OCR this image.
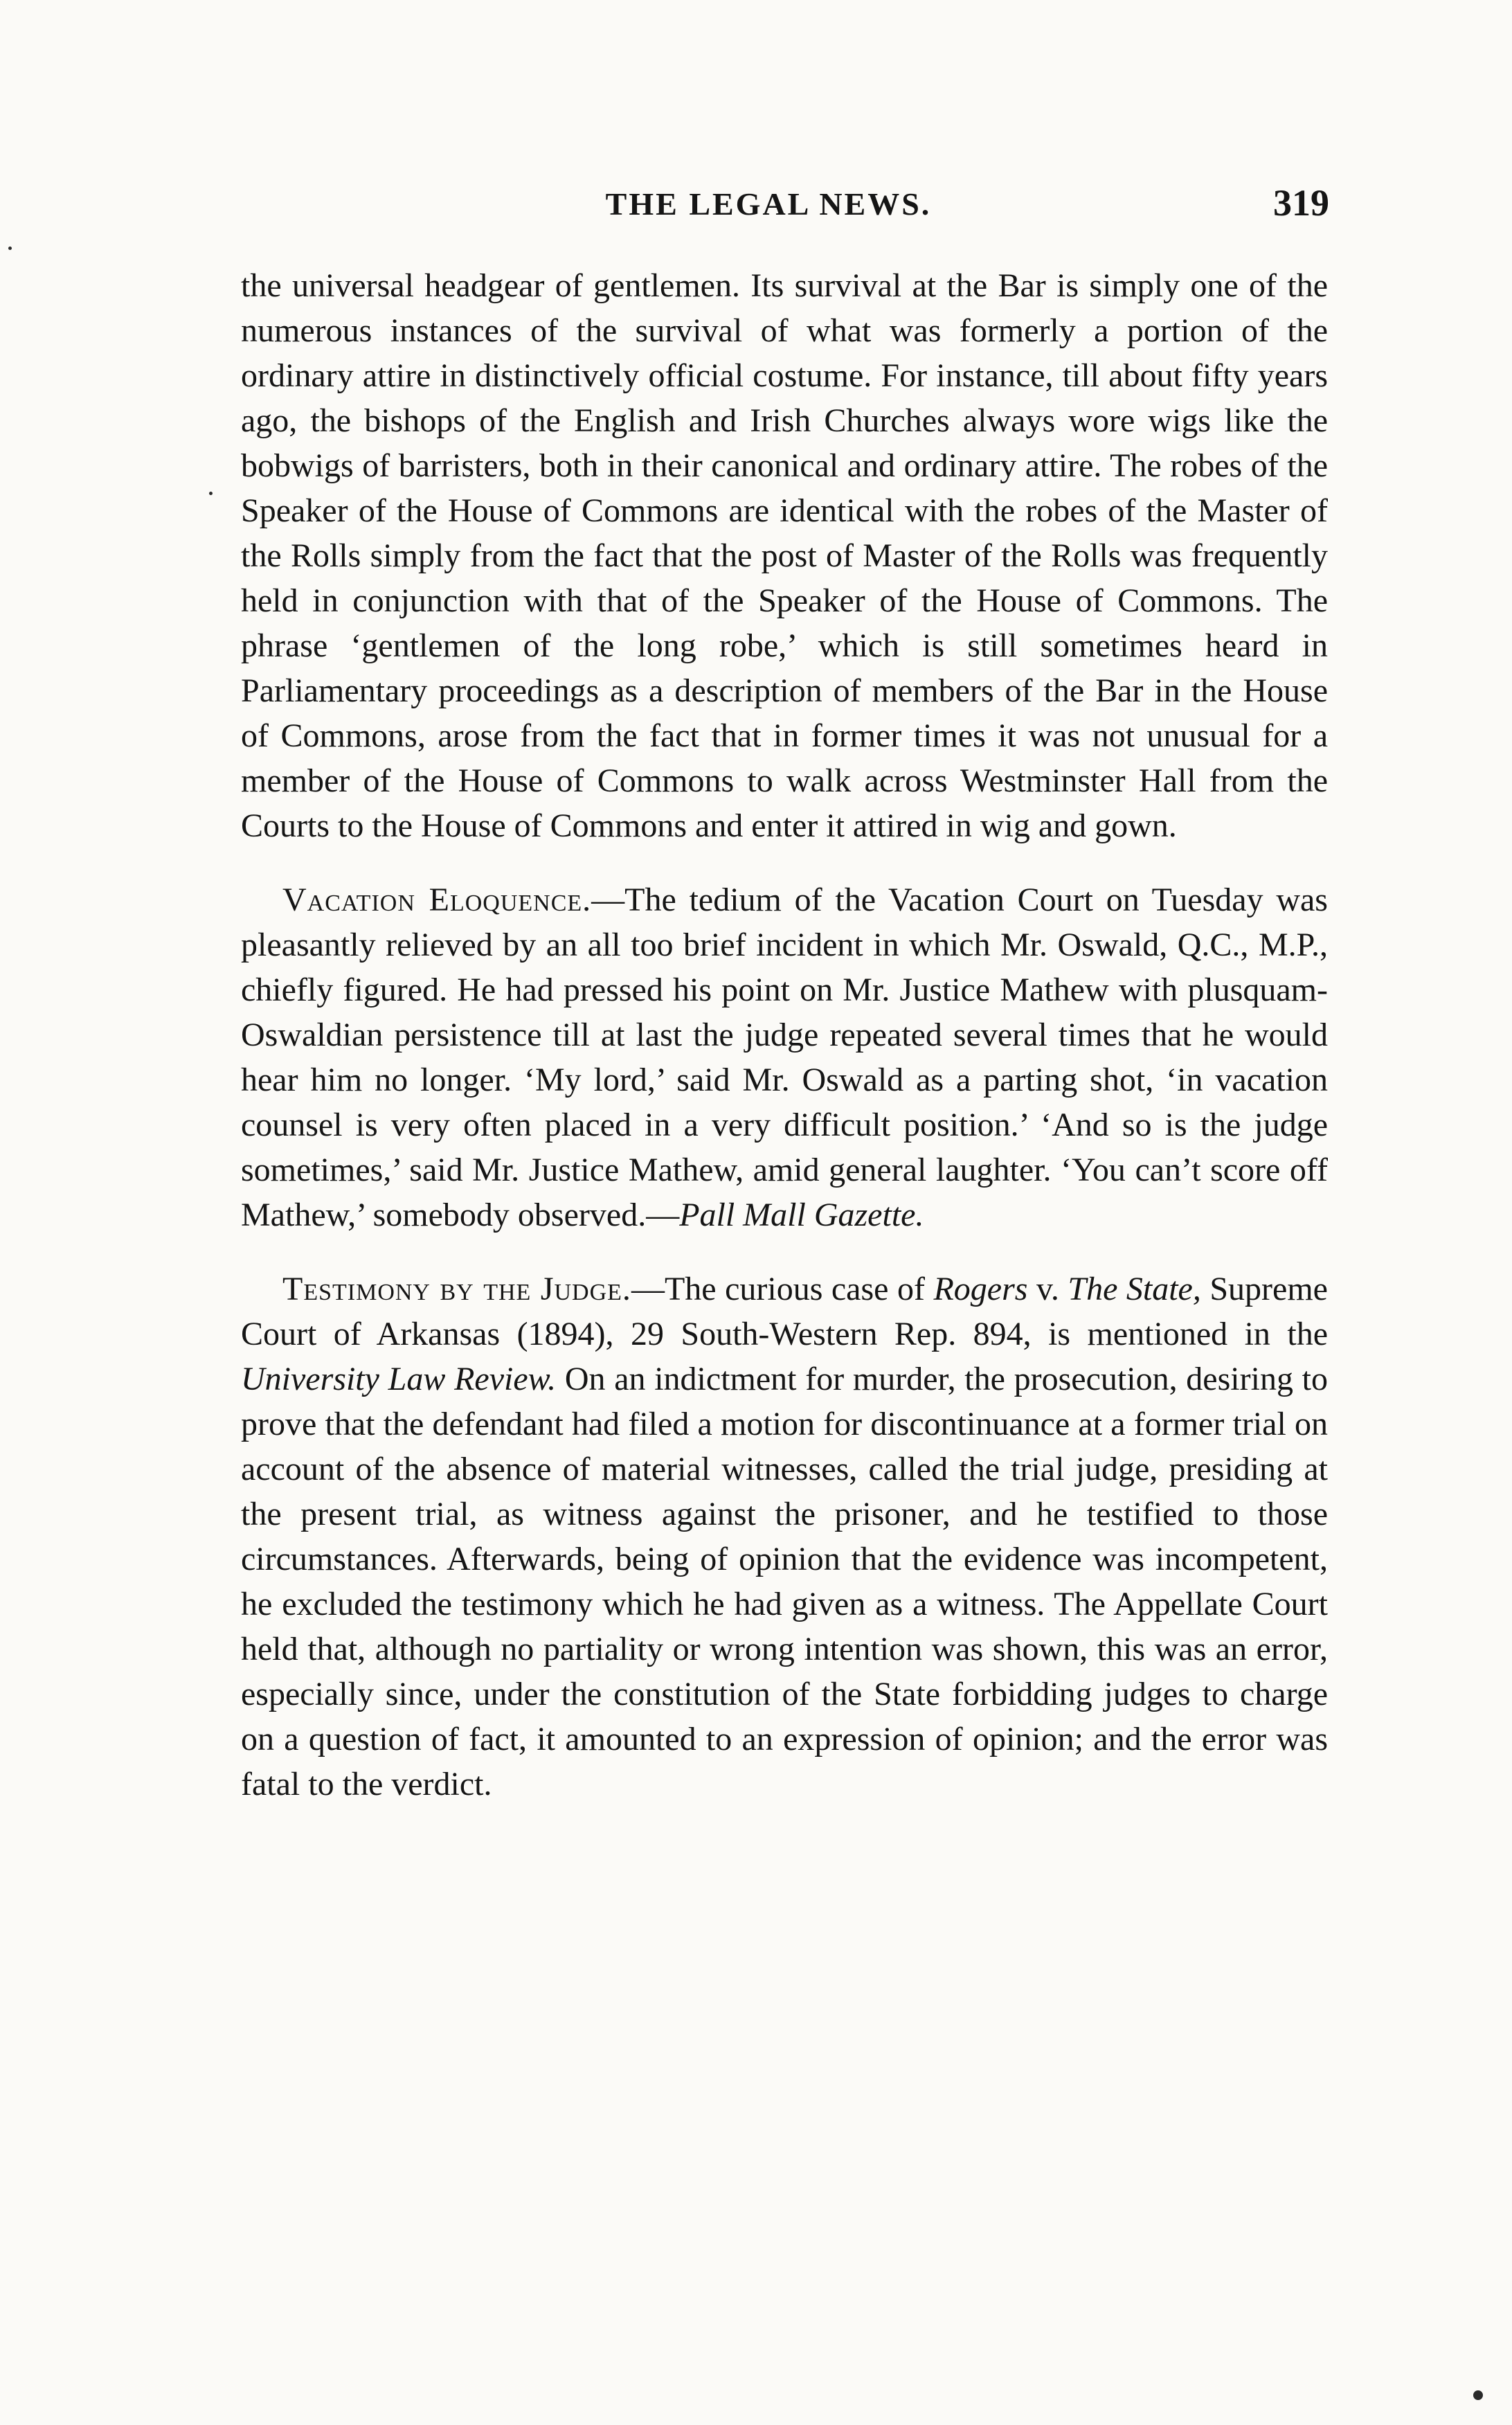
THE LEGAL NEWS.	319

the universal headgear of gentlemen. Its survival at the Bar is simply one of the numerous instances of the survival of what was formerly a portion of the ordinary attire in distinctively official costume. For instance, till about fifty years ago, the bishops of the English and Irish Churches always wore wigs like the bobwigs of barristers, both in their canonical and ordinary attire. The robes of the Speaker of the House of Commons are identical with the robes of the Master of the Rolls simply from the fact that the post of Master of the Rolls was frequently held in conjunction with that of the Speaker of the House of Commons. The phrase ‘gentlemen of the long robe,’ which is still sometimes heard in Parliamentary proceedings as a description of members of the Bar in the House of Commons, arose from the fact that in former times it was not unusual for a member of the House of Commons to walk across Westminster Hall from the Courts to the House of Commons and enter it attired in wig and gown.

Vacation Eloquence.—The tedium of the Vacation Court on Tuesday was pleasantly relieved by an all too brief incident in which Mr. Oswald, Q.C., M.P., chiefly figured. He had pressed his point on Mr. Justice Mathew with plusquam-Oswaldian persistence till at last the judge repeated several times that he would hear him no longer. ‘My lord,’ said Mr. Oswald as a parting shot, ‘in vacation counsel is very often placed in a very difficult position.’ ‘And so is the judge sometimes,’ said Mr. Justice Mathew, amid general laughter. ‘You can’t score off Mathew,’ somebody observed.—Pall Mall Gazette.

Testimony by the Judge.—The curious case of Rogers v. The State, Supreme Court of Arkansas (1894), 29 South-Western Rep. 894, is mentioned in the University Law Review. On an indictment for murder, the prosecution, desiring to prove that the defendant had filed a motion for discontinuance at a former trial on account of the absence of material witnesses, called the trial judge, presiding at the present trial, as witness against the prisoner, and he testified to those circumstances. Afterwards, being of opinion that the evidence was incompetent, he excluded the testimony which he had given as a witness. The Appellate Court held that, although no partiality or wrong intention was shown, this was an error, especially since, under the constitution of the State forbidding judges to charge on a question of fact, it amounted to an expression of opinion; and the error was fatal to the verdict.
